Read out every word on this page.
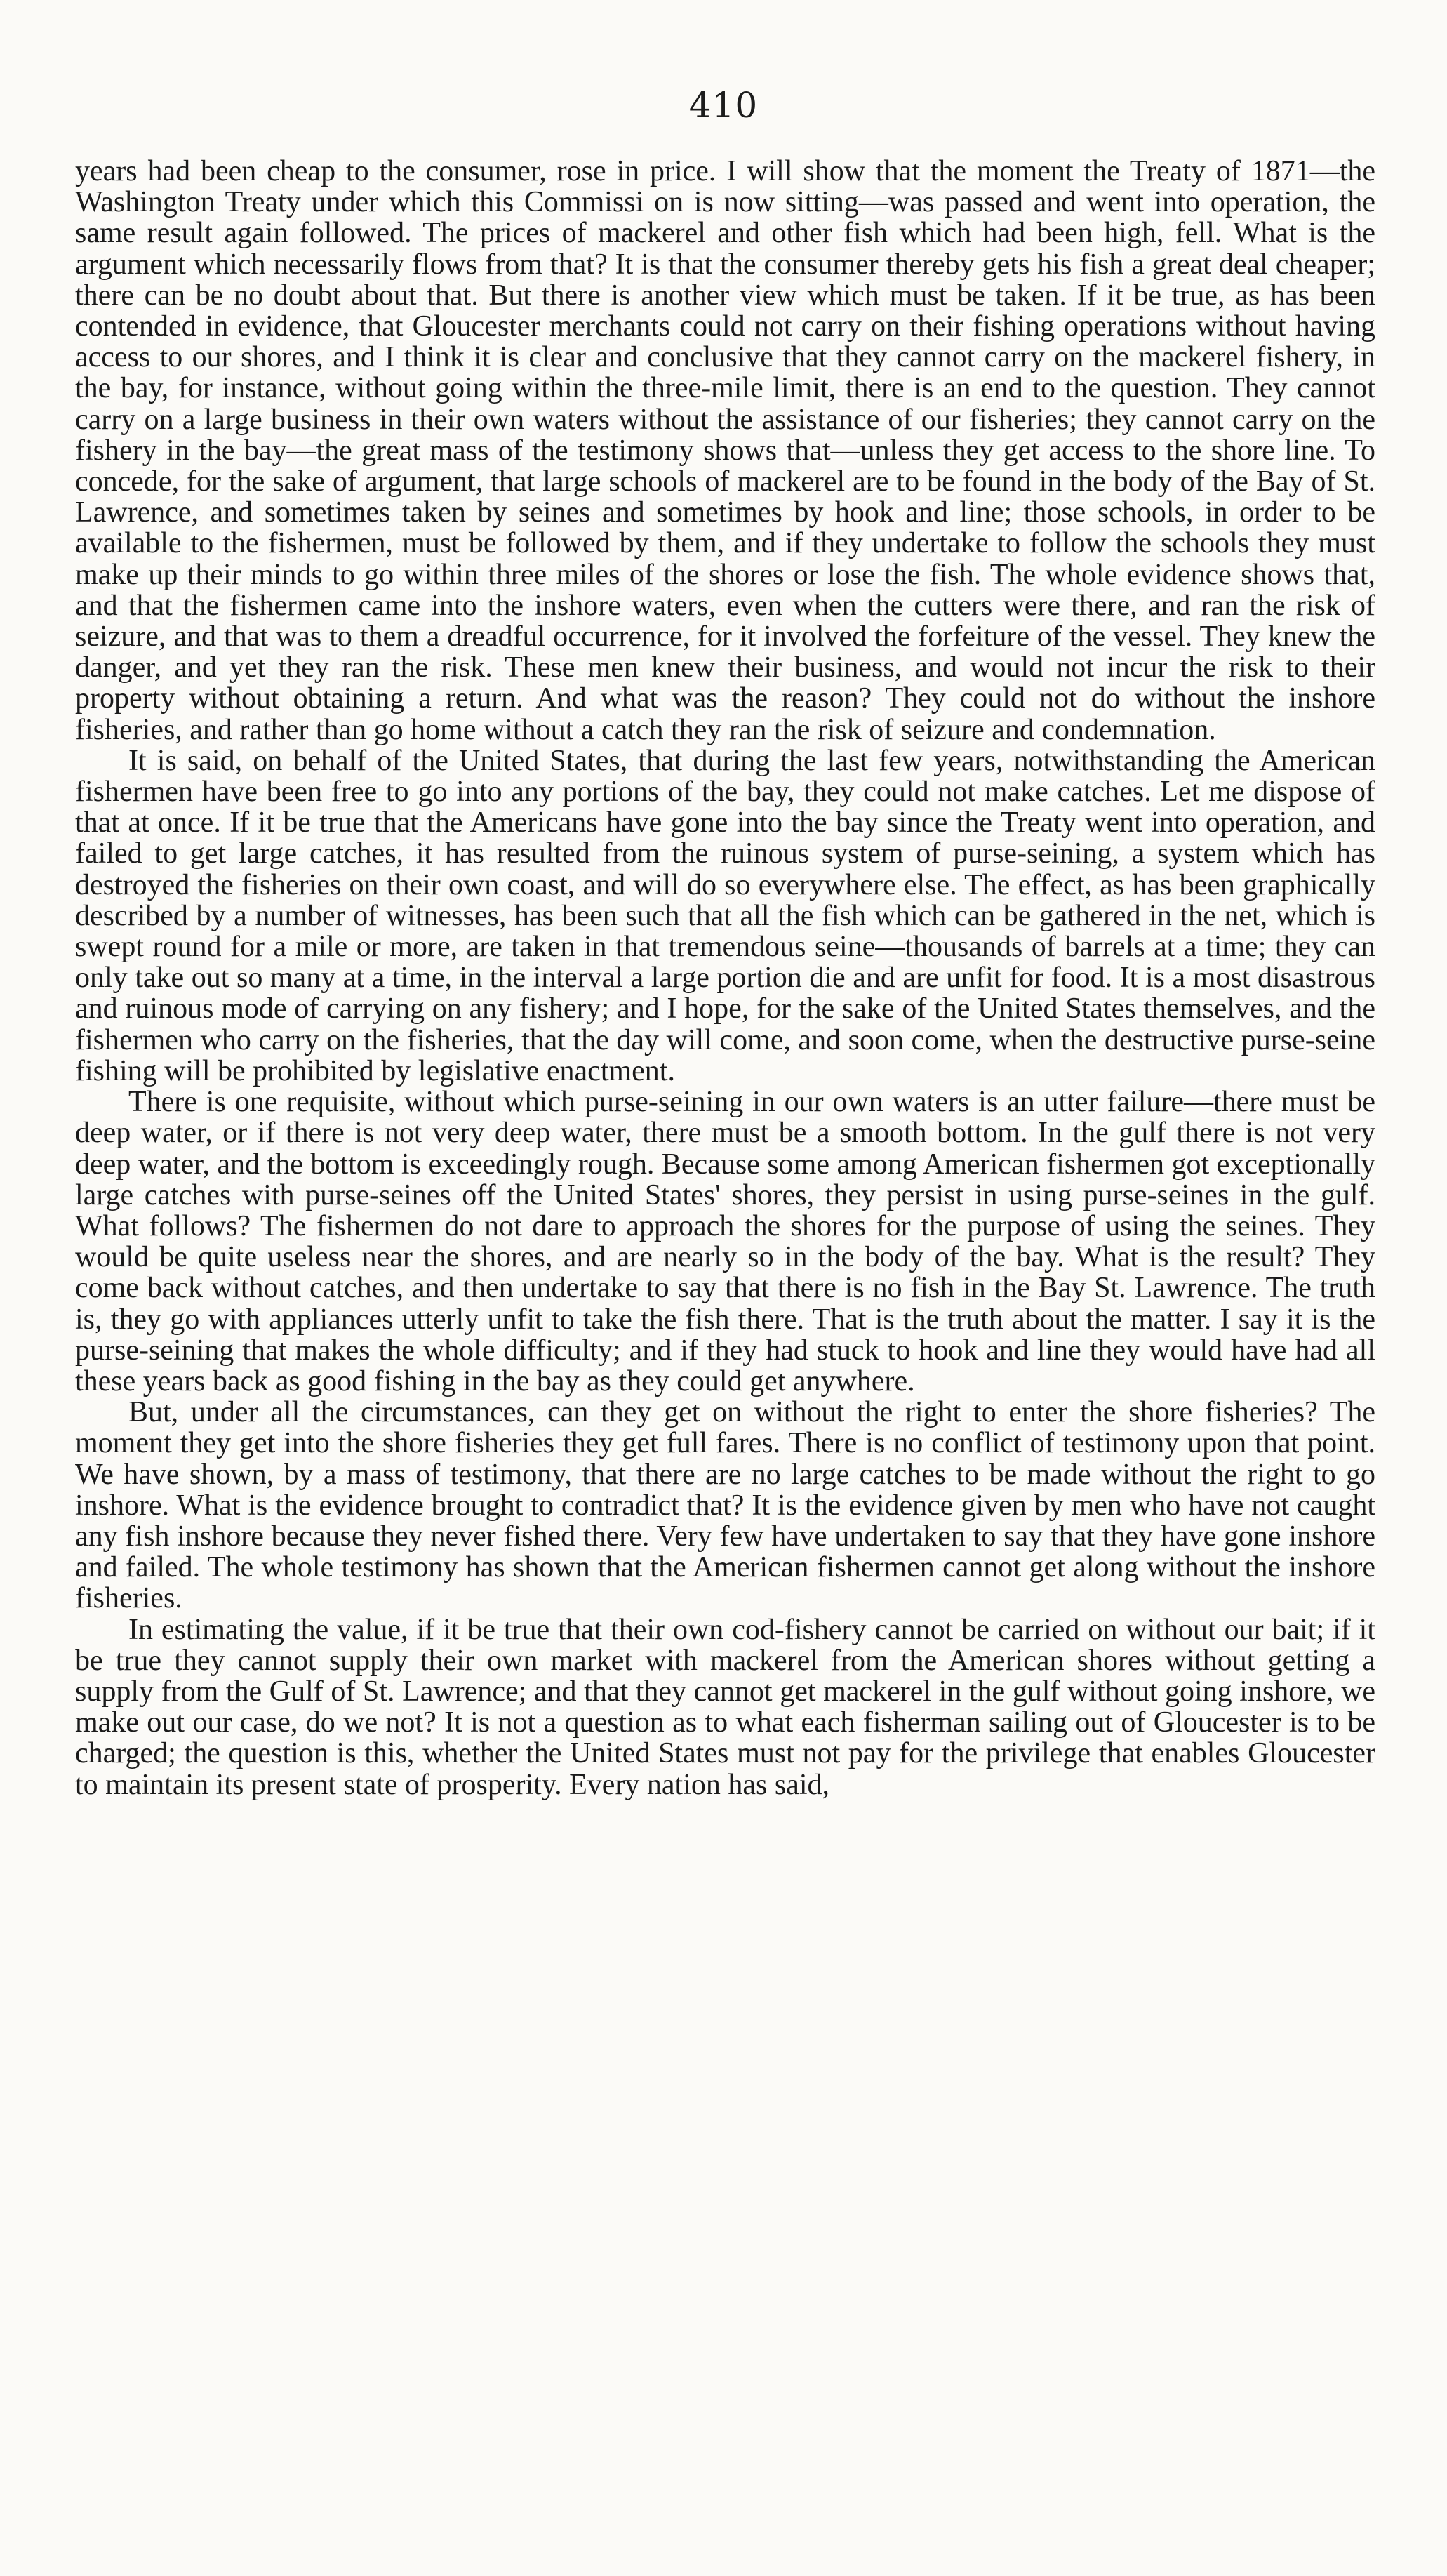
410

years had been cheap to the consumer, rose in price. I will show that the moment the Treaty of 1871—the Washington Treaty under which this Commissi on is now sitting—was passed and went into operation, the same result again followed. The prices of mackerel and other fish which had been high, fell. What is the argument which necessarily flows from that? It is that the consumer thereby gets his fish a great deal cheaper; there can be no doubt about that. But there is another view which must be taken. If it be true, as has been contended in evidence, that Gloucester merchants could not carry on their fishing operations without having access to our shores, and I think it is clear and conclusive that they cannot carry on the mackerel fishery, in the bay, for instance, without going within the three-mile limit, there is an end to the question. They cannot carry on a large business in their own waters without the assistance of our fisheries; they cannot carry on the fishery in the bay—the great mass of the testimony shows that—unless they get access to the shore line. To concede, for the sake of argument, that large schools of mackerel are to be found in the body of the Bay of St. Lawrence, and sometimes taken by seines and sometimes by hook and line; those schools, in order to be available to the fishermen, must be followed by them, and if they undertake to follow the schools they must make up their minds to go within three miles of the shores or lose the fish. The whole evidence shows that, and that the fishermen came into the inshore waters, even when the cutters were there, and ran the risk of seizure, and that was to them a dreadful occurrence, for it involved the forfeiture of the vessel. They knew the danger, and yet they ran the risk. These men knew their business, and would not incur the risk to their property without obtaining a return. And what was the reason? They could not do without the inshore fisheries, and rather than go home without a catch they ran the risk of seizure and condemnation.

It is said, on behalf of the United States, that during the last few years, notwithstanding the American fishermen have been free to go into any portions of the bay, they could not make catches. Let me dispose of that at once. If it be true that the Americans have gone into the bay since the Treaty went into operation, and failed to get large catches, it has resulted from the ruinous system of purse-seining, a system which has destroyed the fisheries on their own coast, and will do so everywhere else. The effect, as has been graphically described by a number of witnesses, has been such that all the fish which can be gathered in the net, which is swept round for a mile or more, are taken in that tremendous seine—thousands of barrels at a time; they can only take out so many at a time, in the interval a large portion die and are unfit for food. It is a most disastrous and ruinous mode of carrying on any fishery; and I hope, for the sake of the United States themselves, and the fishermen who carry on the fisheries, that the day will come, and soon come, when the destructive purse-seine fishing will be prohibited by legislative enactment.

There is one requisite, without which purse-seining in our own waters is an utter failure—there must be deep water, or if there is not very deep water, there must be a smooth bottom. In the gulf there is not very deep water, and the bottom is exceedingly rough. Because some among American fishermen got exceptionally large catches with purse-seines off the United States' shores, they persist in using purse-seines in the gulf. What follows? The fishermen do not dare to approach the shores for the purpose of using the seines. They would be quite useless near the shores, and are nearly so in the body of the bay. What is the result? They come back without catches, and then undertake to say that there is no fish in the Bay St. Lawrence. The truth is, they go with appliances utterly unfit to take the fish there. That is the truth about the matter. I say it is the purse-seining that makes the whole difficulty; and if they had stuck to hook and line they would have had all these years back as good fishing in the bay as they could get anywhere.

But, under all the circumstances, can they get on without the right to enter the shore fisheries? The moment they get into the shore fisheries they get full fares. There is no conflict of testimony upon that point. We have shown, by a mass of testimony, that there are no large catches to be made without the right to go inshore. What is the evidence brought to contradict that? It is the evidence given by men who have not caught any fish inshore because they never fished there. Very few have undertaken to say that they have gone inshore and failed. The whole testimony has shown that the American fishermen cannot get along without the inshore fisheries.

In estimating the value, if it be true that their own cod-fishery cannot be carried on without our bait; if it be true they cannot supply their own market with mackerel from the American shores without getting a supply from the Gulf of St. Lawrence; and that they cannot get mackerel in the gulf without going inshore, we make out our case, do we not? It is not a question as to what each fisherman sailing out of Gloucester is to be charged; the question is this, whether the United States must not pay for the privilege that enables Gloucester to maintain its present state of prosperity. Every nation has said,
